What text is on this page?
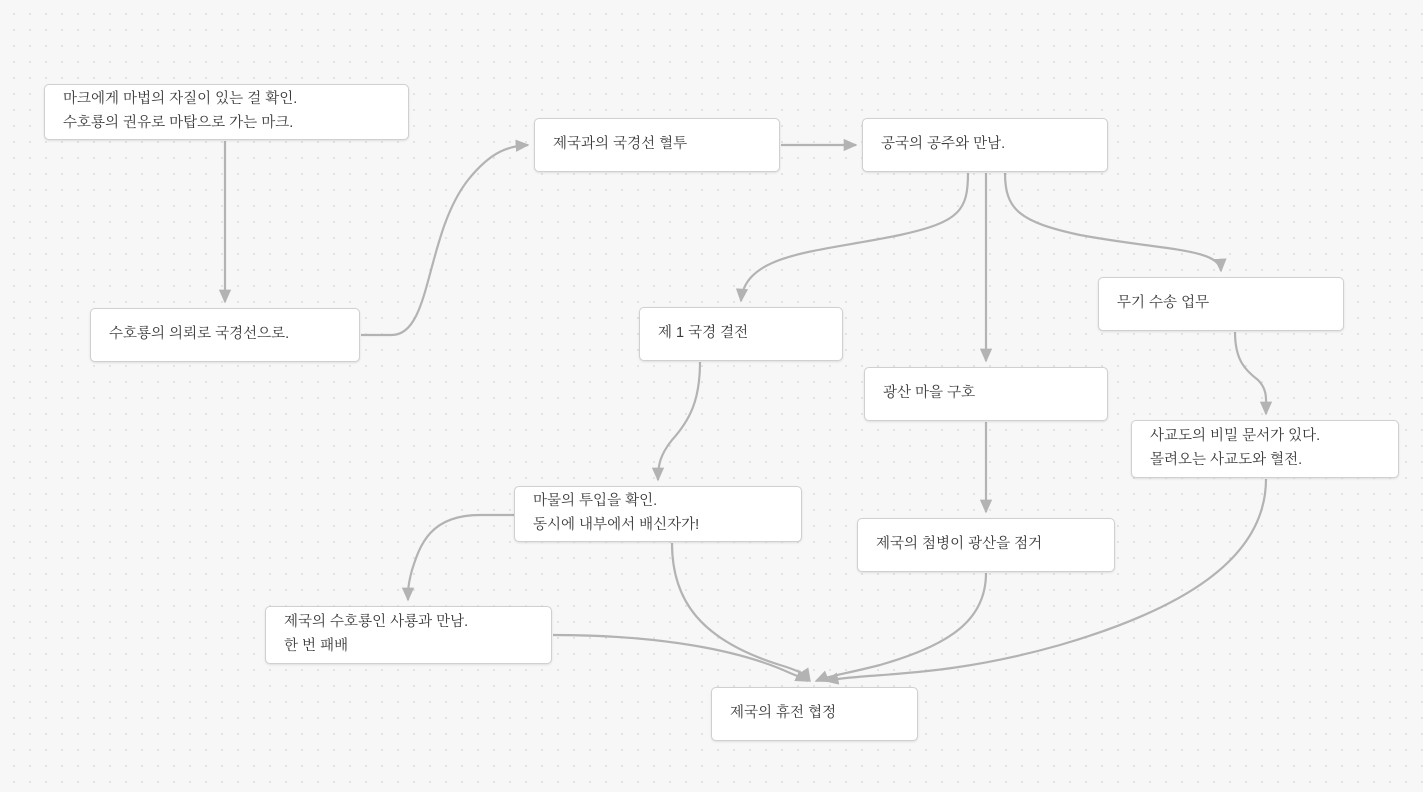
마크에게 마법의 자질이 있는 걸 확인.
수호룡의 권유로 마탑으로 가는 마크.
제국과의 국경선 혈투	공국의 공주와 만남.
수호룡의 의뢰로 국경선으로.
무기 수송 업무
제 1 국경 결전
광산 마을 구호
사교도의 비밀 문서가 있다.
몰려오는 사교도와 혈전.
마물의 투입을 확인.
동시에 내부에서 배신자가!
제국의 첨병이 광산을 점거
제국의 수호룡인 사룡과 만남.
한 번 패배
제국의 휴전 협정
